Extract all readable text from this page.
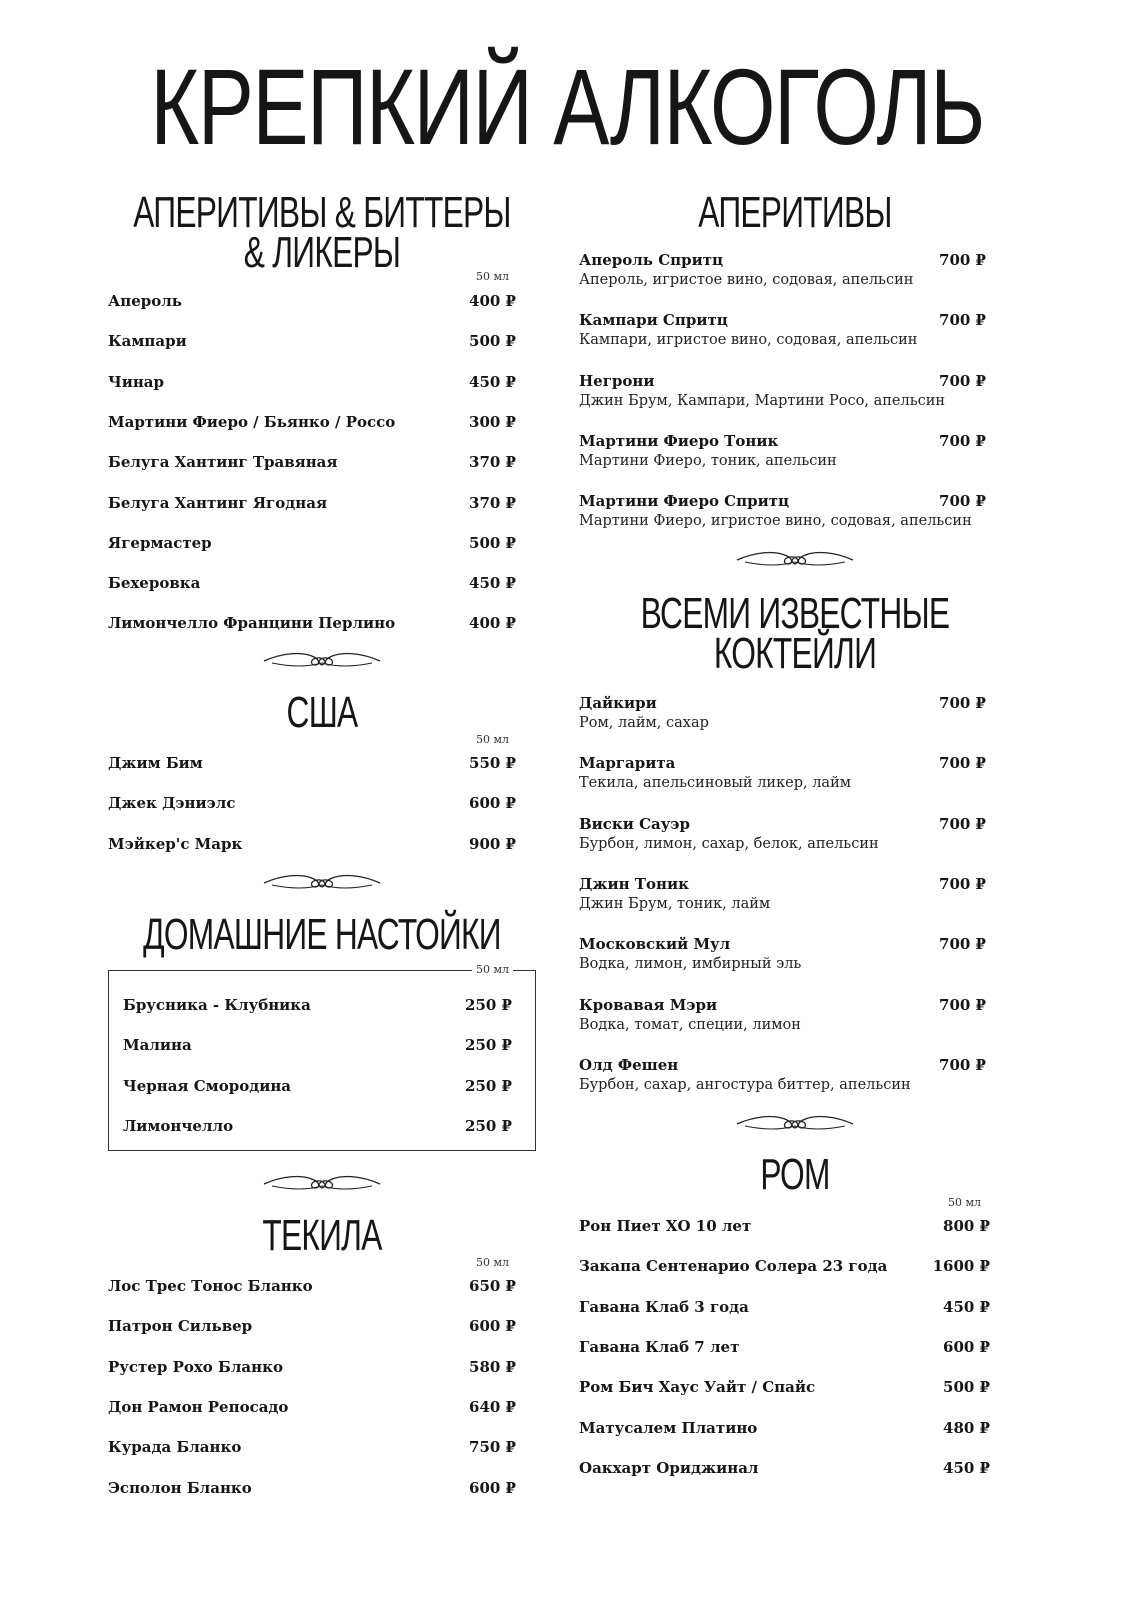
КРЕПКИЙ АЛКОГОЛЬ
АПЕРИТИВЫ & БИТТЕРЫ
& ЛИКЕРЫ	50 мл
Апероль	400 ₽
Кампари	500 ₽
Чинар	450 ₽
Мартини Фиеро / Бьянко / Россо	300 ₽
Белуга Хантинг Травяная	370 ₽
Белуга Хантинг Ягодная	370 ₽
Ягермастер	500 ₽
Бехеровка	450 ₽
Лимончелло Францини Перлино	400 ₽
США
50 мл
Джим Бим	550 ₽
Джек Дэниэлс	600 ₽
Мэйкер'с Марк	900 ₽
ДОМАШНИЕ НАСТОЙКИ
50 мл
Брусника - Клубника	250 ₽
Малина	250 ₽
Черная Смородина	250 ₽
Лимончелло	250 ₽
ТЕКИЛА
50 мл
Лос Трес Тонос Бланко	650 ₽
Патрон Сильвер	600 ₽
Рустер Рохо Бланко	580 ₽
Дон Рамон Репосадо	640 ₽
Курада Бланко	750 ₽
Эсполон Бланко	600 ₽
АПЕРИТИВЫ
Апероль Спритц	700 ₽
Апероль, игристое вино, содовая, апельсин
Кампари Спритц	700 ₽
Кампари, игристое вино, содовая, апельсин
Негрони	700 ₽
Джин Брум, Кампари, Мартини Росо, апельсин
Мартини Фиеро Тоник	700 ₽
Мартини Фиеро, тоник, апельсин
Мартини Фиеро Спритц	700 ₽
Мартини Фиеро, игристое вино, содовая, апельсин
ВСЕМИ ИЗВЕСТНЫЕ
КОКТЕЙЛИ
Дайкири	700 ₽
Ром, лайм, сахар
Маргарита	700 ₽
Текила, апельсиновый ликер, лайм
Виски Сауэр	700 ₽
Бурбон, лимон, сахар, белок, апельсин
Джин Тоник	700 ₽
Джин Брум, тоник, лайм
Московский Мул	700 ₽
Водка, лимон, имбирный эль
Кровавая Мэри	700 ₽
Водка, томат, специи, лимон
Олд Фешен	700 ₽
Бурбон, сахар, ангостура биттер, апельсин
РОМ
50 мл
Рон Пиет ХО 10 лет	800 ₽
Закапа Сентенарио Солера 23 года	1600 ₽
Гавана Клаб 3 года	450 ₽
Гавана Клаб 7 лет	600 ₽
Ром Бич Хаус Уайт / Спайс	500 ₽
Матусалем Платино	480 ₽
Оакхарт Ориджинал	450 ₽
